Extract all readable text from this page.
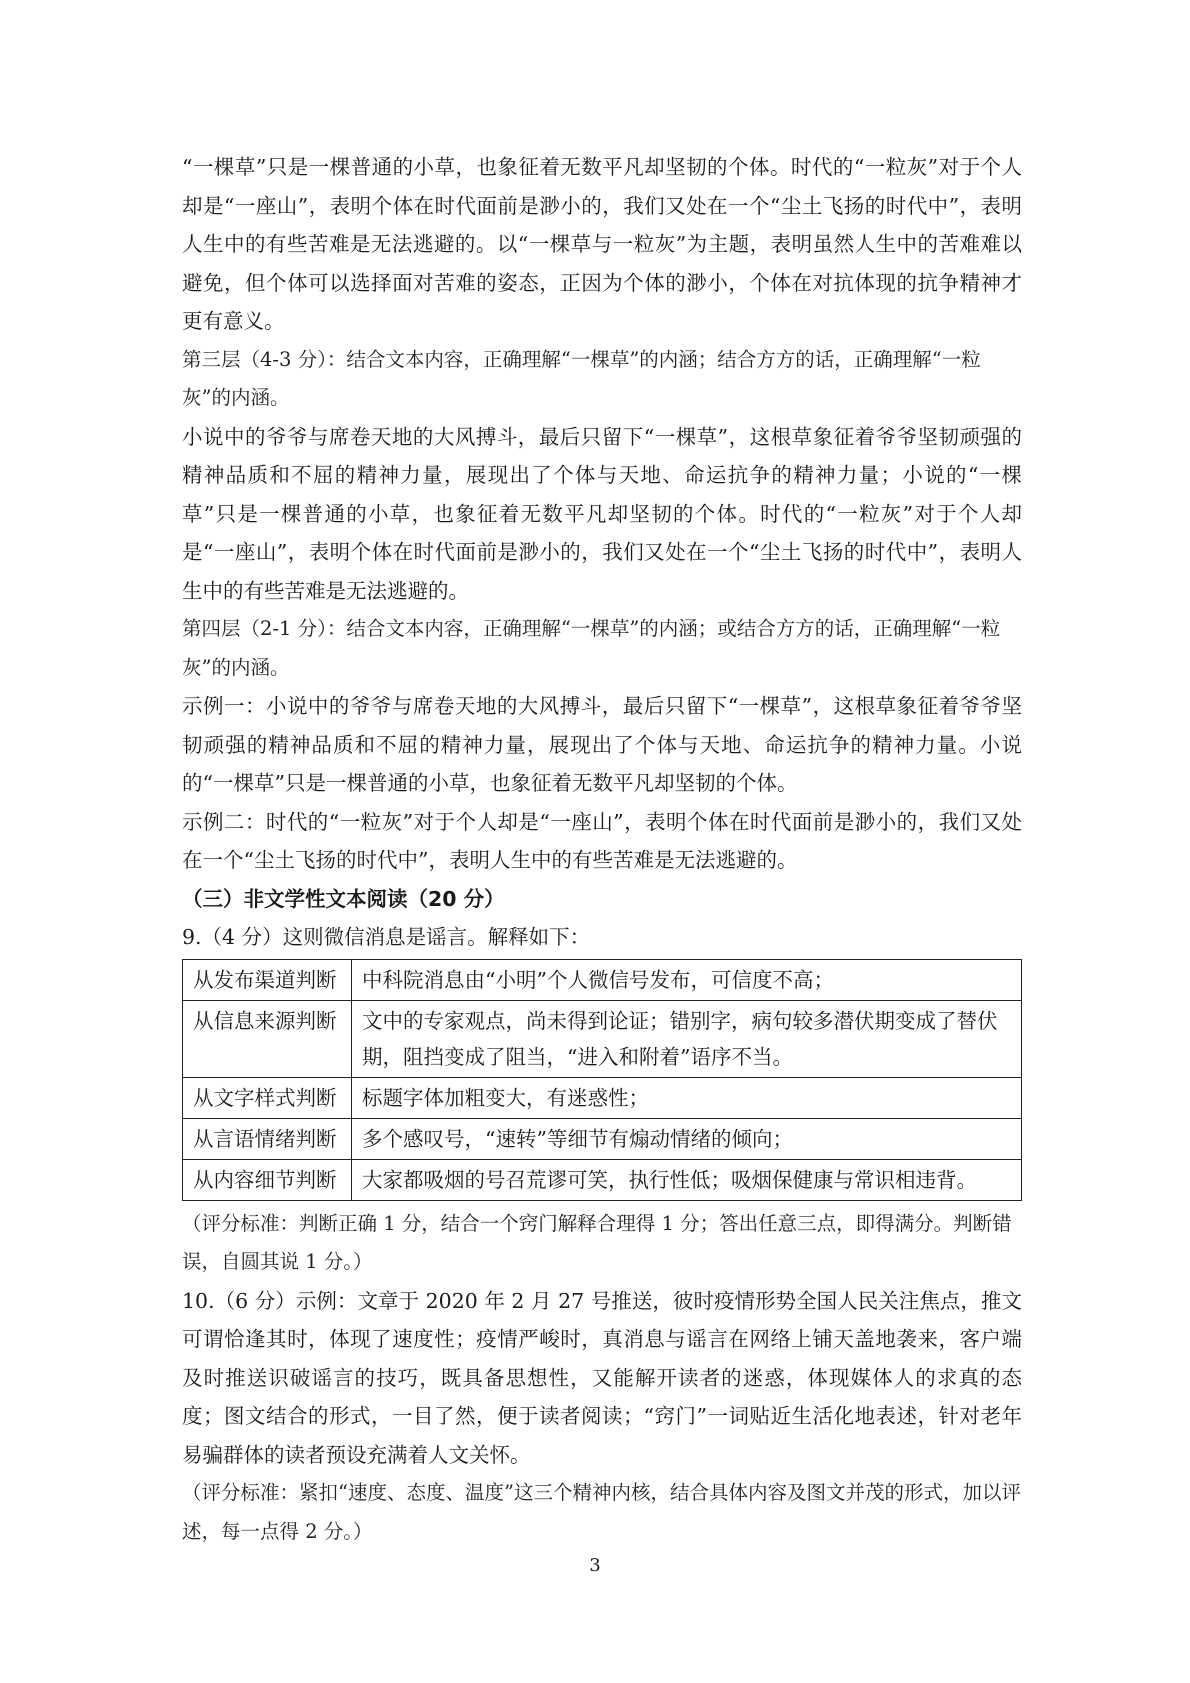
“一棵草”只是一棵普通的小草，也象征着无数平凡却坚韧的个体。时代的“一粒灰”对于个人却是“一座山”，表明个体在时代面前是渺小的，我们又处在一个“尘土飞扬的时代中”，表明人生中的有些苦难是无法逃避的。以“一棵草与一粒灰”为主题，表明虽然人生中的苦难难以避免，但个体可以选择面对苦难的姿态，正因为个体的渺小，个体在对抗体现的抗争精神才更有意义。

第三层（4-3 分）：结合文本内容，正确理解“一棵草”的内涵；结合方方的话，正确理解“一粒灰”的内涵。

小说中的爷爷与席卷天地的大风搏斗，最后只留下“一棵草”，这根草象征着爷爷坚韧顽强的精神品质和不屈的精神力量，展现出了个体与天地、命运抗争的精神力量；小说的“一棵草”只是一棵普通的小草，也象征着无数平凡却坚韧的个体。时代的“一粒灰”对于个人却是“一座山”，表明个体在时代面前是渺小的，我们又处在一个“尘土飞扬的时代中”，表明人生中的有些苦难是无法逃避的。

第四层（2-1 分）：结合文本内容，正确理解“一棵草”的内涵；或结合方方的话，正确理解“一粒灰”的内涵。

示例一：小说中的爷爷与席卷天地的大风搏斗，最后只留下“一棵草”，这根草象征着爷爷坚韧顽强的精神品质和不屈的精神力量，展现出了个体与天地、命运抗争的精神力量。小说的“一棵草”只是一棵普通的小草，也象征着无数平凡却坚韧的个体。

示例二：时代的“一粒灰”对于个人却是“一座山”，表明个体在时代面前是渺小的，我们又处在一个“尘土飞扬的时代中”，表明人生中的有些苦难是无法逃避的。

（三）非文学性文本阅读（20 分）

9.（4 分）这则微信消息是谣言。解释如下：

从发布渠道判断	中科院消息由“小明”个人微信号发布，可信度不高；
从信息来源判断	文中的专家观点，尚未得到论证；错别字，病句较多潜伏期变成了替伏期，阻挡变成了阻当，“进入和附着”语序不当。
从文字样式判断	标题字体加粗变大，有迷惑性；
从言语情绪判断	多个感叹号，“速转”等细节有煽动情绪的倾向；
从内容细节判断	大家都吸烟的号召荒谬可笑，执行性低；吸烟保健康与常识相违背。

（评分标准：判断正确 1 分，结合一个窍门解释合理得 1 分；答出任意三点，即得满分。判断错误，自圆其说 1 分。）

10.（6 分）示例：文章于 2020 年 2 月 27 号推送，彼时疫情形势全国人民关注焦点，推文可谓恰逢其时，体现了速度性；疫情严峻时，真消息与谣言在网络上铺天盖地袭来，客户端及时推送识破谣言的技巧，既具备思想性，又能解开读者的迷惑，体现媒体人的求真的态度；图文结合的形式，一目了然，便于读者阅读；“窍门”一词贴近生活化地表述，针对老年易骗群体的读者预设充满着人文关怀。

（评分标准：紧扣“速度、态度、温度”这三个精神内核，结合具体内容及图文并茂的形式，加以评述，每一点得 2 分。）

3
